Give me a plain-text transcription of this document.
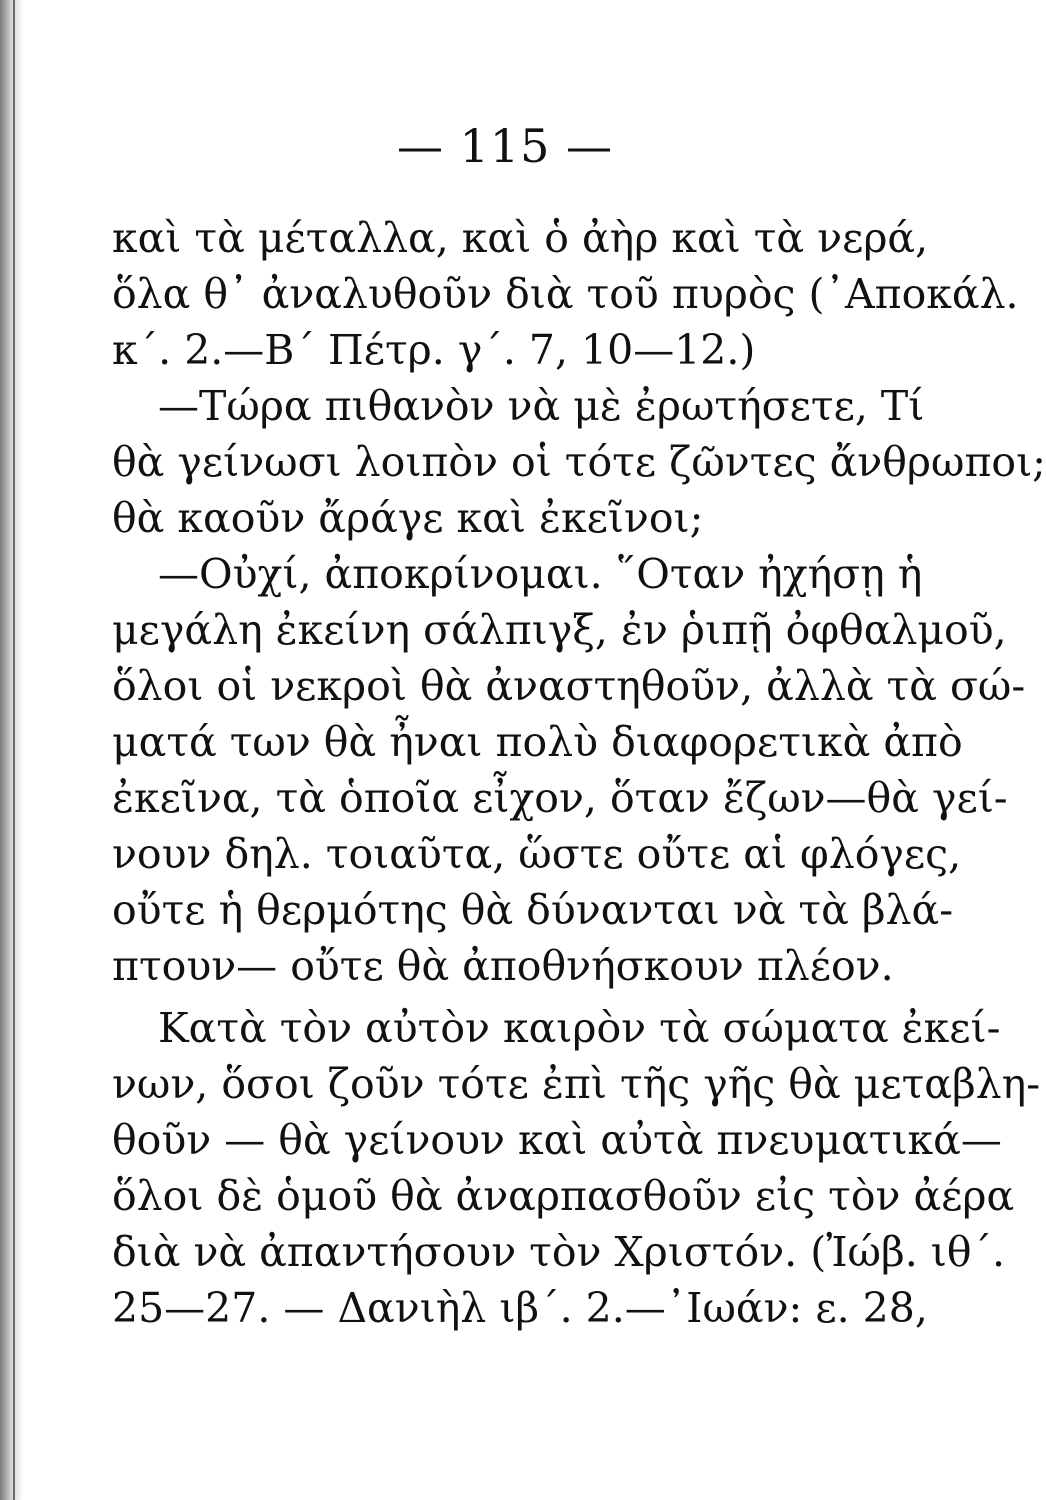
— 115 —
καὶ τὰ μέταλλα, καὶ ὁ ἀὴρ καὶ τὰ νερά,
ὅλα θ᾽ ἀναλυθοῦν διὰ τοῦ πυρὸς (᾽Αποκάλ.
κ΄. 2.—Β΄ Πέτρ. γ΄. 7, 10—12.)
—Τώρα πιθανὸν νὰ μὲ ἐρωτήσετε, Τί
θὰ γείνωσι λοιπὸν οἱ τότε ζῶντες ἄνθρωποι;
θὰ καοῦν ἄράγε καὶ ἐκεῖνοι;
—Οὐχί, ἀποκρίνομαι. ῞Οταν ἠχήσῃ ἡ
μεγάλη ἐκείνη σάλπιγξ, ἐν ῥιπῇ ὀφθαλμοῦ,
ὅλοι οἱ νεκροὶ θὰ ἀναστηθοῦν, ἀλλὰ τὰ σώ-
ματά των θὰ ἦναι πολὺ διαφορετικὰ ἀπὸ
ἐκεῖνα, τὰ ὁποῖα εἶχον, ὅταν ἔζων—θὰ γεί-
νουν δηλ. τοιαῦτα, ὥστε οὔτε αἱ φλόγες,
οὔτε ἡ θερμότης θὰ δύνανται νὰ τὰ βλά-
πτουν— οὔτε θὰ ἀποθνήσκουν πλέον.
Κατὰ τὸν αὐτὸν καιρὸν τὰ σώματα ἐκεί-
νων, ὅσοι ζοῦν τότε ἐπὶ τῆς γῆς θὰ μεταβλη-
θοῦν — θὰ γείνουν καὶ αὐτὰ πνευματικά—
ὅλοι δὲ ὁμοῦ θὰ ἀναρπασθοῦν εἰς τὸν ἀέρα
διὰ νὰ ἀπαντήσουν τὸν Χριστόν. (Ἰώβ. ιθ΄.
25—27. — Δανιὴλ ιβ΄. 2.—᾽Ιωάν: ε. 28,
